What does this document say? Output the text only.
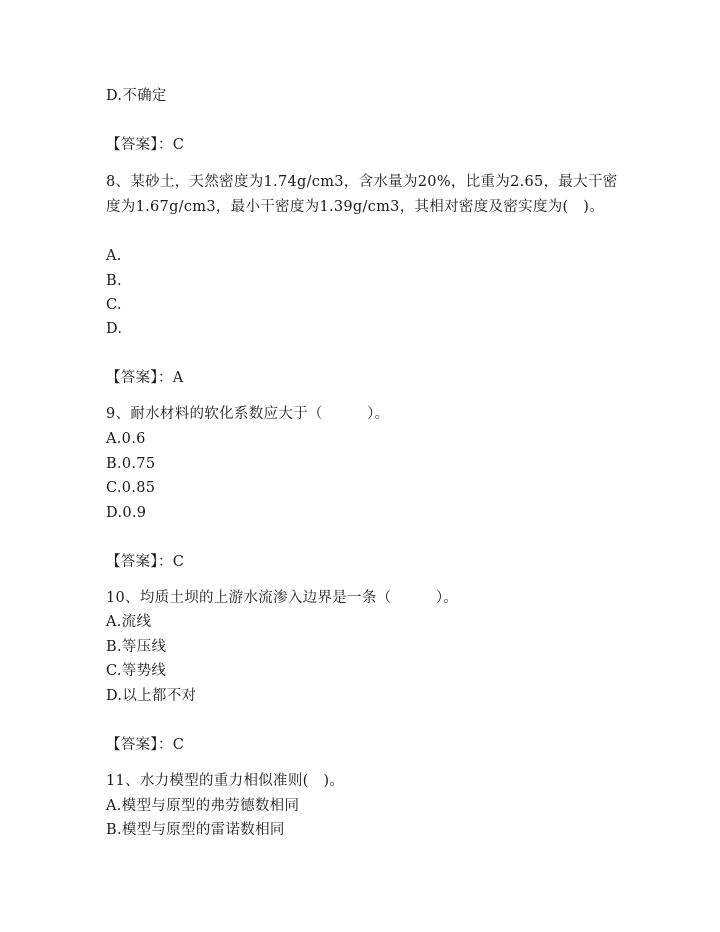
D.不确定
【答案】：C
8、某砂土，天然密度为1.74g/cm3，含水量为20%，比重为2.65，最大干密度为1.67g/cm3，最小干密度为1.39g/cm3，其相对密度及密实度为(　)。
A.
B.
C.
D.
【答案】：A
9、耐水材料的软化系数应大于（　　　）。
A.0.6
B.0.75
C.0.85
D.0.9
【答案】：C
10、均质土坝的上游水流渗入边界是一条（　　　）。
A.流线
B.等压线
C.等势线
D.以上都不对
【答案】：C
11、水力模型的重力相似准则(　)。
A.模型与原型的弗劳德数相同
B.模型与原型的雷诺数相同
